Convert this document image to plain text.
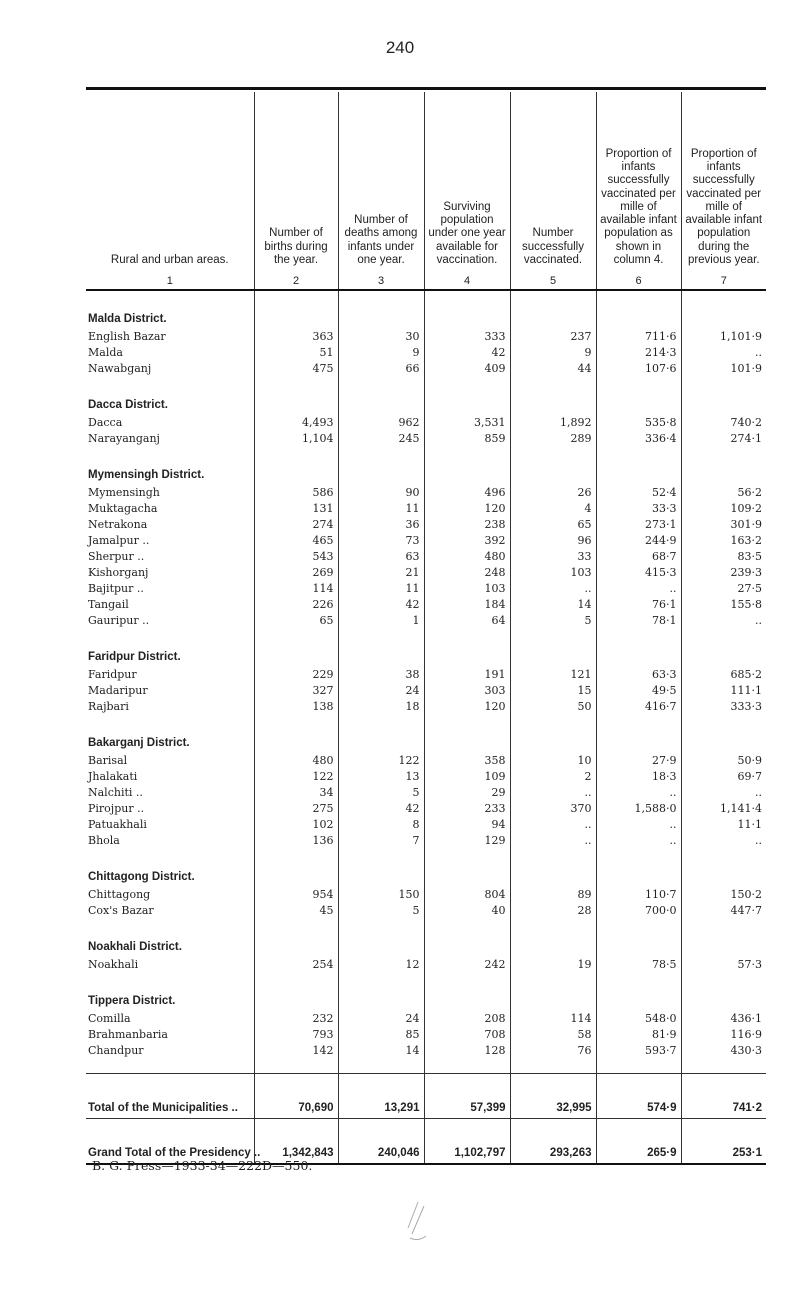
240
Rural and urban areas.	Number of births during the year.	Number of deaths among infants under one year.	Surviving population under one year available for vaccination.	Number successfully vaccinated.	Proportion of infants successfully vaccinated per mille of available infant population as shown in column 4.	Proportion of infants successfully vaccinated per mille of available infant population during the previous year.
1	2	3	4	5	6	7
Malda District.						
English Bazar	363	30	333	237	711·6	1,101·9
Malda	51	9	42	9	214·3	..
Nawabganj	475	66	409	44	107·6	101·9
Dacca District.						
Dacca	4,493	962	3,531	1,892	535·8	740·2
Narayanganj	1,104	245	859	289	336·4	274·1
Mymensingh District.						
Mymensingh	586	90	496	26	52·4	56·2
Muktagacha	131	11	120	4	33·3	109·2
Netrakona	274	36	238	65	273·1	301·9
Jamalpur ..	465	73	392	96	244·9	163·2
Sherpur ..	543	63	480	33	68·7	83·5
Kishorganj	269	21	248	103	415·3	239·3
Bajitpur ..	114	11	103	..	..	27·5
Tangail	226	42	184	14	76·1	155·8
Gauripur ..	65	1	64	5	78·1	..
Faridpur District.						
Faridpur	229	38	191	121	63·3	685·2
Madaripur	327	24	303	15	49·5	111·1
Rajbari	138	18	120	50	416·7	333·3
Bakarganj District.						
Barisal	480	122	358	10	27·9	50·9
Jhalakati	122	13	109	2	18·3	69·7
Nalchiti ..	34	5	29	..	..	..
Pirojpur ..	275	42	233	370	1,588·0	1,141·4
Patuakhali	102	8	94	..	..	11·1
Bhola	136	7	129	..	..	..
Chittagong District.						
Chittagong	954	150	804	89	110·7	150·2
Cox's Bazar	45	5	40	28	700·0	447·7
Noakhali District.						
Noakhali	254	12	242	19	78·5	57·3
Tippera District.						
Comilla	232	24	208	114	548·0	436·1
Brahmanbaria	793	85	708	58	81·9	116·9
Chandpur	142	14	128	76	593·7	430·3

Total of the Municipalities ..	70,690	13,291	57,399	32,995	574·9	741·2
Grand Total of the Presidency ..	1,342,843	240,046	1,102,797	293,263	265·9	253·1
B. G. Press—1933-34—222D—550.
